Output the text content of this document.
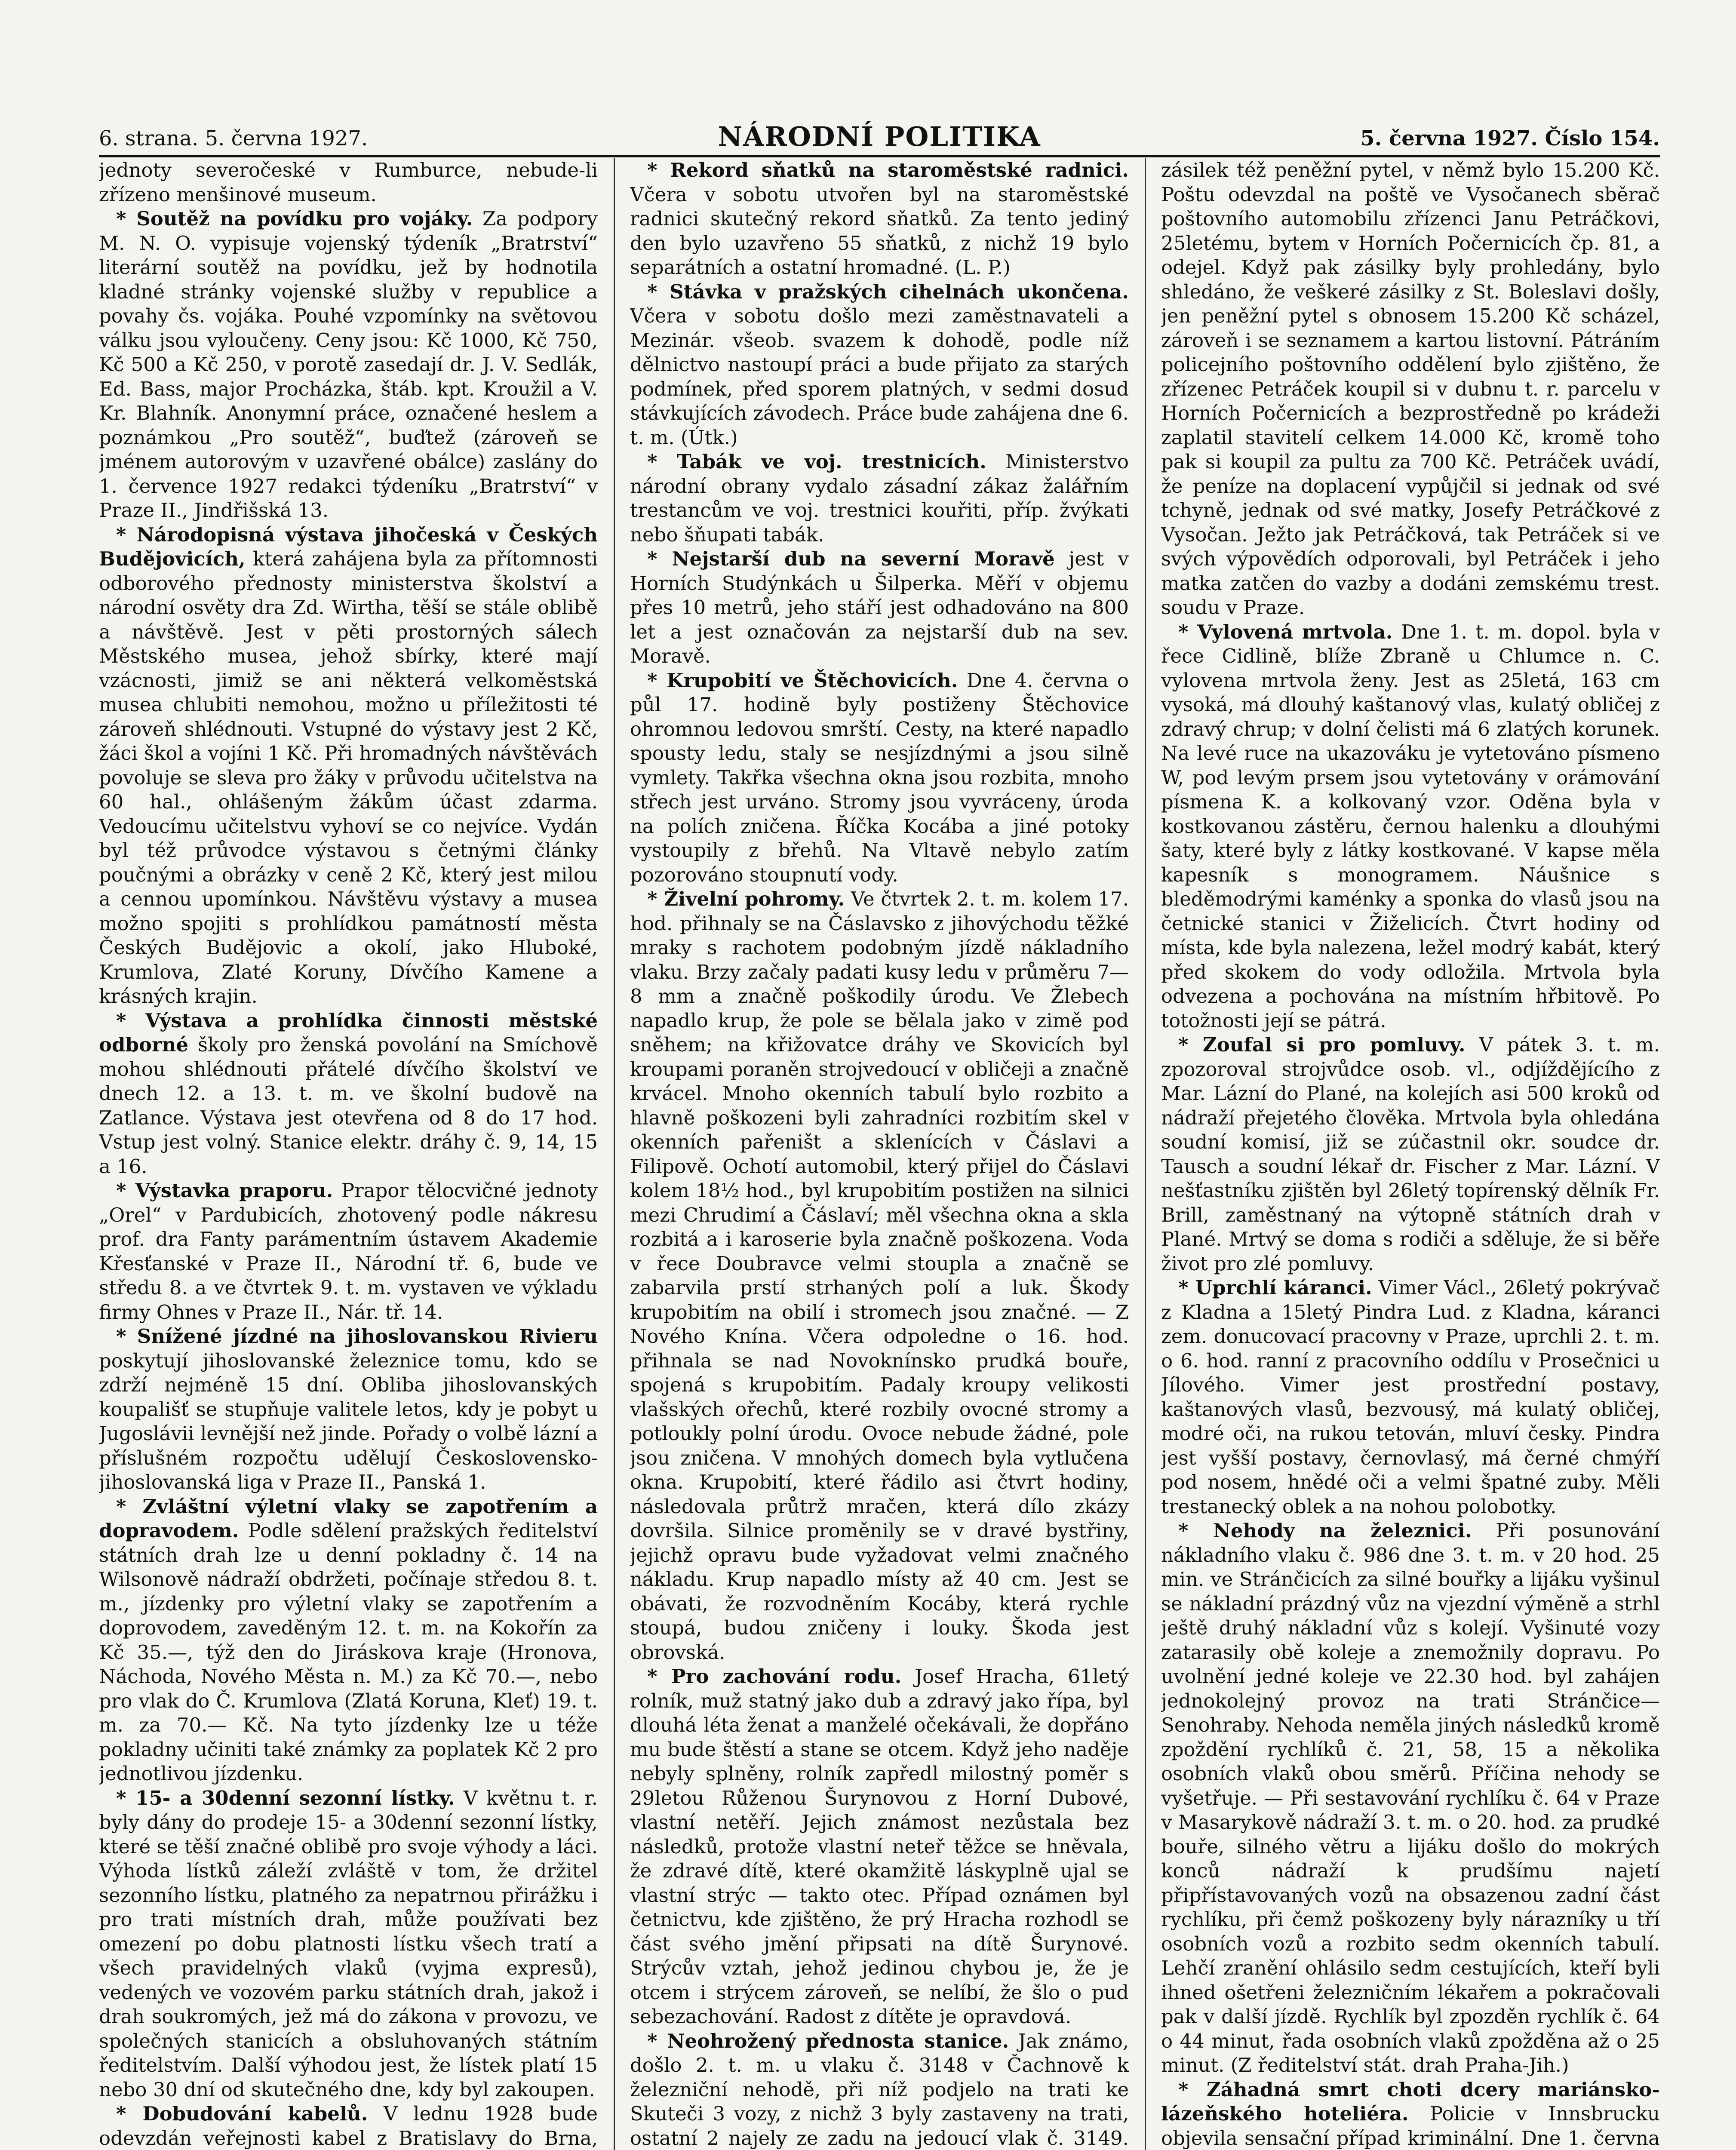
6. strana. 5. června 1927.	NÁRODNÍ POLITIKA	5. června 1927. Číslo 154.

jednoty severočeské v Rumburce, nebude-li zřízeno menšinové museum.

* Soutěž na povídku pro vojáky. Za podpory M. N. O. vypisuje vojenský týdeník „Bratrství“ literární soutěž na povídku, jež by hodnotila kladné stránky vojenské služby v republice a povahy čs. vojáka. Pouhé vzpomínky na světovou válku jsou vyloučeny. Ceny jsou: Kč 1000, Kč 750, Kč 500 a Kč 250, v porotě zasedají dr. J. V. Sedlák, Ed. Bass, major Procházka, štáb. kpt. Kroužil a V. Kr. Blahník. Anonymní práce, označené heslem a poznámkou „Pro soutěž“, buďtež (zároveň se jménem autorovým v uzavřené obálce) zaslány do 1. července 1927 redakci týdeníku „Bratrství“ v Praze II., Jindřišská 13.

* Národopisná výstava jihočeská v Českých Budějovicích, která zahájena byla za přítomnosti odborového přednosty ministerstva školství a národní osvěty dra Zd. Wirtha, těší se stále oblibě a návštěvě. Jest v pěti prostorných sálech Městského musea, jehož sbírky, které mají vzácnosti, jimiž se ani některá velkoměstská musea chlubiti nemohou, možno u příležitosti té zároveň shlédnouti. Vstupné do výstavy jest 2 Kč, žáci škol a vojíni 1 Kč. Při hromadných návštěvách povoluje se sleva pro žáky v průvodu učitelstva na 60 hal., ohlášeným žákům účast zdarma. Vedoucímu učitelstvu vyhoví se co nejvíce. Vydán byl též průvodce výstavou s četnými články poučnými a obrázky v ceně 2 Kč, který jest milou a cennou upomínkou. Návštěvu výstavy a musea možno spojiti s prohlídkou památností města Českých Budějovic a okolí, jako Hluboké, Krumlova, Zlaté Koruny, Dívčího Kamene a krásných krajin.

* Výstava a prohlídka činnosti městské odborné školy pro ženská povolání na Smíchově mohou shlédnouti přátelé dívčího školství ve dnech 12. a 13. t. m. ve školní budově na Zatlance. Výstava jest otevřena od 8 do 17 hod. Vstup jest volný. Stanice elektr. dráhy č. 9, 14, 15 a 16.

* Výstavka praporu. Prapor tělocvičné jednoty „Orel“ v Pardubicích, zhotovený podle nákresu prof. dra Fanty parámentním ústavem Akademie Křesťanské v Praze II., Národní tř. 6, bude ve středu 8. a ve čtvrtek 9. t. m. vystaven ve výkladu firmy Ohnes v Praze II., Nár. tř. 14.

* Snížené jízdné na jihoslovanskou Rivieru poskytují jihoslovanské železnice tomu, kdo se zdrží nejméně 15 dní. Obliba jihoslovanských koupališť se stupňuje valitele letos, kdy je pobyt u Jugoslávii levnější než jinde. Pořady o volbě lázní a příslušném rozpočtu udělují Československo-jihoslovanská liga v Praze II., Panská 1.

* Zvláštní výletní vlaky se zapotřením a dopravodem. Podle sdělení pražských ředitelství státních drah lze u denní pokladny č. 14 na Wilsonově nádraží obdržeti, počínaje středou 8. t. m., jízdenky pro výletní vlaky se zapotřením a doprovodem, zaveděným 12. t. m. na Kokořín za Kč 35.—, týž den do Jiráskova kraje (Hronova, Náchoda, Nového Města n. M.) za Kč 70.—, nebo pro vlak do Č. Krumlova (Zlatá Koruna, Kleť) 19. t. m. za 70.— Kč. Na tyto jízdenky lze u téže pokladny učiniti také známky za poplatek Kč 2 pro jednotlivou jízdenku.

* 15- a 30denní sezonní lístky. V květnu t. r. byly dány do prodeje 15- a 30denní sezonní lístky, které se těší značné oblibě pro svoje výhody a láci. Výhoda lístků záleží zvláště v tom, že držitel sezonního lístku, platného za nepatrnou přirážku i pro trati místních drah, může používati bez omezení po dobu platnosti lístku všech tratí a všech pravidelných vlaků (vyjma expresů), vedených ve vozovém parku státních drah, jakož i drah soukromých, jež má do zákona v provozu, ve společných stanicích a obsluhovaných státním ředitelstvím. Další výhodou jest, že lístek platí 15 nebo 30 dní od skutečného dne, kdy byl zakoupen.

* Dobudování kabelů. V lednu 1928 bude odevzdán veřejnosti kabel z Bratislavy do Brna,

* Rekord sňatků na staroměstské radnici. Včera v sobotu utvořen byl na staroměstské radnici skutečný rekord sňatků. Za tento jediný den bylo uzavřeno 55 sňatků, z nichž 19 bylo separátních a ostatní hromadné. (L. P.)

* Stávka v pražských cihelnách ukončena. Včera v sobotu došlo mezi zaměstnavateli a Mezinár. všeob. svazem k dohodě, podle níž dělnictvo nastoupí práci a bude přijato za starých podmínek, před sporem platných, v sedmi dosud stávkujících závodech. Práce bude zahájena dne 6. t. m. (Útk.)

* Tabák ve voj. trestnicích. Ministerstvo národní obrany vydalo zásadní zákaz žalářním trestancům ve voj. trestnici kouřiti, příp. žvýkati nebo šňupati tabák.

* Nejstarší dub na severní Moravě jest v Horních Studýnkách u Šilperka. Měří v objemu přes 10 metrů, jeho stáří jest odhadováno na 800 let a jest označován za nejstarší dub na sev. Moravě.

* Krupobití ve Štěchovicích. Dne 4. června o půl 17. hodině byly postiženy Štěchovice ohromnou ledovou smrští. Cesty, na které napadlo spousty ledu, staly se nesjízdnými a jsou silně vymlety. Takřka všechna okna jsou rozbita, mnoho střech jest urváno. Stromy jsou vyvráceny, úroda na polích zničena. Říčka Kocába a jiné potoky vystoupily z břehů. Na Vltavě nebylo zatím pozorováno stoupnutí vody.

* Živelní pohromy. Ve čtvrtek 2. t. m. kolem 17. hod. přihnaly se na Čáslavsko z jihovýchodu těžké mraky s rachotem podobným jízdě nákladního vlaku. Brzy začaly padati kusy ledu v průměru 7—8 mm a značně poškodily úrodu. Ve Žlebech napadlo krup, že pole se bělala jako v zimě pod sněhem; na křižovatce dráhy ve Skovicích byl kroupami poraněn strojvedoucí v obličeji a značně krvácel. Mnoho okenních tabulí bylo rozbito a hlavně poškozeni byli zahradníci rozbitím skel v okenních pařeništ a sklenících v Čáslavi a Filipově. Ochotí automobil, který přijel do Čáslavi kolem 18½ hod., byl krupobitím postižen na silnici mezi Chrudimí a Čáslaví; měl všechna okna a skla rozbitá a i karoserie byla značně poškozena. Voda v řece Doubravce velmi stoupla a značně se zabarvila prstí strhaných polí a luk. Škody krupobitím na obilí i stromech jsou značné. — Z Nového Knína. Včera odpoledne o 16. hod. přihnala se nad Novoknínsko prudká bouře, spojená s krupobitím. Padaly kroupy velikosti vlašských ořechů, které rozbily ovocné stromy a potloukly polní úrodu. Ovoce nebude žádné, pole jsou zničena. V mnohých domech byla vytlučena okna. Krupobití, které řádilo asi čtvrt hodiny, následovala průtrž mračen, která dílo zkázy dovršila. Silnice proměnily se v dravé bystřiny, jejichž opravu bude vyžadovat velmi značného nákladu. Krup napadlo místy až 40 cm. Jest se obávati, že rozvodněním Kocáby, která rychle stoupá, budou zničeny i louky. Škoda jest obrovská.

* Pro zachování rodu. Josef Hracha, 61letý rolník, muž statný jako dub a zdravý jako řípa, byl dlouhá léta ženat a manželé očekávali, že dopřáno mu bude štěstí a stane se otcem. Když jeho naděje nebyly splněny, rolník zapředl milostný poměr s 29letou Růženou Šurynovou z Horní Dubové, vlastní netěří. Jejich známost nezůstala bez následků, protože vlastní neteř těžce se hněvala, že zdravé dítě, které okamžitě láskyplně ujal se vlastní strýc — takto otec. Případ oznámen byl četnictvu, kde zjištěno, že prý Hracha rozhodl se část svého jmění připsati na dítě Šurynové. Strýcův vztah, jehož jedinou chybou je, že je otcem i strýcem zároveň, se nelíbí, že šlo o pud sebezachování. Radost z dítěte je opravdová.

* Neohrožený přednosta stanice. Jak známo, došlo 2. t. m. u vlaku č. 3148 v Čachnově k železniční nehodě, při níž podjelo na trati ke Skuteči 3 vozy, z nichž 3 byly zastaveny na trati, ostatní 2 najely ze zadu na jedoucí vlak č. 3149.

zásilek též peněžní pytel, v němž bylo 15.200 Kč. Poštu odevzdal na poště ve Vysočanech sběrač poštovního automobilu zřízenci Janu Petráčkovi, 25letému, bytem v Horních Počernicích čp. 81, a odejel. Když pak zásilky byly prohledány, bylo shledáno, že veškeré zásilky z St. Boleslavi došly, jen peněžní pytel s obnosem 15.200 Kč scházel, zároveň i se seznamem a kartou listovní. Pátráním policejního poštovního oddělení bylo zjištěno, že zřízenec Petráček koupil si v dubnu t. r. parcelu v Horních Počernicích a bezprostředně po krádeži zaplatil stavitelí celkem 14.000 Kč, kromě toho pak si koupil za pultu za 700 Kč. Petráček uvádí, že peníze na doplacení vypůjčil si jednak od své tchyně, jednak od své matky, Josefy Petráčkové z Vysočan. Ježto jak Petráčková, tak Petráček si ve svých výpovědích odporovali, byl Petráček i jeho matka zatčen do vazby a dodáni zemskému trest. soudu v Praze.

* Vylovená mrtvola. Dne 1. t. m. dopol. byla v řece Cidlině, blíže Zbraně u Chlumce n. C. vylovena mrtvola ženy. Jest as 25letá, 163 cm vysoká, má dlouhý kaštanový vlas, kulatý obličej z zdravý chrup; v dolní čelisti má 6 zlatých korunek. Na levé ruce na ukazováku je vytetováno písmeno W, pod levým prsem jsou vytetovány v orámování písmena K. a kolkovaný vzor. Oděna byla v kostkovanou zástěru, černou halenku a dlouhými šaty, které byly z látky kostkované. V kapse měla kapesník s monogramem. Náušnice s bleděmodrými kaménky a sponka do vlasů jsou na četnické stanici v Žiželicích. Čtvrt hodiny od místa, kde byla nalezena, ležel modrý kabát, který před skokem do vody odložila. Mrtvola byla odvezena a pochována na místním hřbitově. Po totožnosti její se pátrá.

* Zoufal si pro pomluvy. V pátek 3. t. m. zpozoroval strojvůdce osob. vl., odjíždějícího z Mar. Lázní do Plané, na kolejích asi 500 kroků od nádraží přejetého člověka. Mrtvola byla ohledána soudní komisí, již se zúčastnil okr. soudce dr. Tausch a soudní lékař dr. Fischer z Mar. Lázní. V nešťastníku zjištěn byl 26letý topírenský dělník Fr. Brill, zaměstnaný na výtopně státních drah v Plané. Mrtvý se doma s rodiči a sděluje, že si běře život pro zlé pomluvy.

* Uprchlí káranci. Vimer Václ., 26letý pokrývač z Kladna a 15letý Pindra Lud. z Kladna, káranci zem. donucovací pracovny v Praze, uprchli 2. t. m. o 6. hod. ranní z pracovního oddílu v Prosečnici u Jílového. Vimer jest prostřední postavy, kaštanových vlasů, bezvousý, má kulatý obličej, modré oči, na rukou tetován, mluví česky. Pindra jest vyšší postavy, černovlasý, má černé chmýří pod nosem, hnědé oči a velmi špatné zuby. Měli trestanecký oblek a na nohou polobotky.

* Nehody na železnici. Při posunování nákladního vlaku č. 986 dne 3. t. m. v 20 hod. 25 min. ve Stránčicích za silné bouřky a lijáku vyšinul se nákladní prázdný vůz na vjezdní výměně a strhl ještě druhý nákladní vůz s kolejí. Vyšinuté vozy zatarasily obě koleje a znemožnily dopravu. Po uvolnění jedné koleje ve 22.30 hod. byl zahájen jednokolejný provoz na trati Stránčice—Senohraby. Nehoda neměla jiných následků kromě zpoždění rychlíků č. 21, 58, 15 a několika osobních vlaků obou směrů. Příčina nehody se vyšetřuje. — Při sestavování rychlíku č. 64 v Praze v Masarykově nádraží 3. t. m. o 20. hod. za prudké bouře, silného větru a lijáku došlo do mokrých konců nádraží k prudšímu najetí připřístavovaných vozů na obsazenou zadní část rychlíku, při čemž poškozeny byly nárazníky u tří osobních vozů a rozbito sedm okenních tabulí. Lehčí zranění ohlásilo sedm cestujících, kteří byli ihned ošetřeni železničním lékařem a pokračovali pak v další jízdě. Rychlík byl zpozděn rychlík č. 64 o 44 minut, řada osobních vlaků zpožděna až o 25 minut. (Z ředitelství stát. drah Praha-Jih.)

* Záhadná smrt choti dcery mariánsko-lázeňského hoteliéra. Policie v Innsbrucku objevila sensační případ kriminální. Dne 1. června
